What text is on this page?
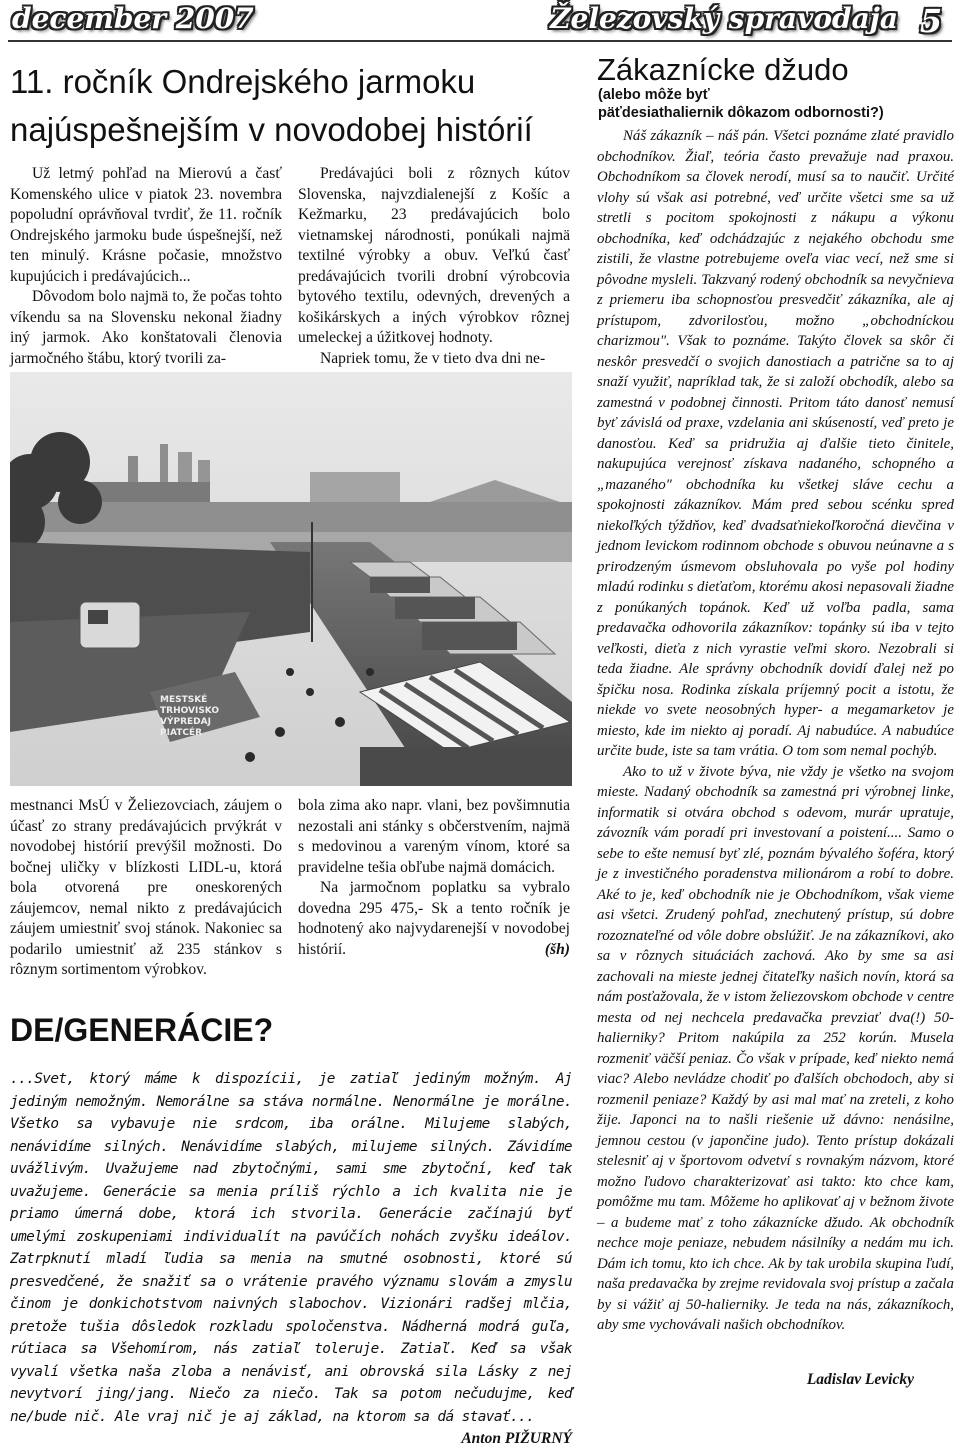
december 2007	Železovský spravodaja 5
11. ročník Ondrejského jarmoku
najúspešnejším v novodobej histórií

Už letmý pohľad na Mierovú a časť Komenského ulice v piatok 23. novembra popoludní oprávňoval tvrdiť, že 11. ročník Ondrejského jarmoku bude úspešnejší, než ten minulý. Krásne počasie, množstvo kupujúcich i predávajúcich...

Dôvodom bolo najmä to, že počas tohto víkendu sa na Slovensku nekonal žiadny iný jarmok. Ako konštatovali členovia jarmočného štábu, ktorý tvorili za-

Predávajúci boli z rôznych kútov Slovenska, najvzdialenejší z Košíc a Kežmarku, 23 predávajúcich bolo vietnamskej národnosti, ponúkali najmä textilné výrobky a obuv. Veľkú časť predávajúcich tvorili drobní výrobcovia bytového textilu, odevných, drevených a košikárskych a iných výrobkov rôznej umeleckej a úžitkovej hodnoty.

Napriek tomu, že v tieto dva dni ne-

MESTSKÉ
TRHOVISKO
VÝPREDAJ
PIATCÉR

mestnanci MsÚ v Želiezovciach, záujem o účasť zo strany predávajúcich prvýkrát v novodobej histórií prevýšil možnosti. Do bočnej uličky v blízkosti LIDL-u, ktorá bola otvorená pre oneskorených záujemcov, nemal nikto z predávajúcich záujem umiestniť svoj stánok. Nakoniec sa podarilo umiestniť až 235 stánkov s rôznym sortimentom výrobkov.

bola zima ako napr. vlani, bez povšimnutia nezostali ani stánky s občerstvením, najmä s medovinou a vareným vínom, ktoré sa pravidelne tešia obľube najmä domácich.

Na jarmočnom poplatku sa vybralo dovedna 295 475,- Sk a tento ročník je hodnotený ako najvydarenejší v novodobej histórií.	(šh)

DE/GENERÁCIE?
...Svet, ktorý máme k dispozícii, je zatiaľ jediným možným. Aj jediným nemožným. Nemorálne sa stáva normálne. Nenormálne je morálne. Všetko sa vybavuje nie srdcom, iba orálne. Milujeme slabých, nenávidíme silných. Nenávidíme slabých, milujeme silných. Závidíme uvážlivým. Uvažujeme nad zbytočnými, sami sme zbytoční, keď tak uvažujeme. Generácie sa menia príliš rýchlo a ich kvalita nie je priamo úmerná dobe, ktorá ich stvorila. Generácie začínajú byť umelými zoskupeniami individualít na pavúčích nohách zvyšku ideálov. Zatrpknutí mladí ľudia sa menia na smutné osobnosti, ktoré sú presvedčené, že snažiť sa o vrátenie pravého významu slovám a zmyslu činom je donkichotstvom naivných slabochov. Vizionári radšej mlčia, pretože tušia dôsledok rozkladu spoločenstva. Nádherná modrá guľa, rútiaca sa Všehomírom, nás zatiaľ toleruje. Zatiaľ. Keď sa však vyvalí všetka naša zloba a nenávisť, ani obrovská sila Lásky z nej nevytvorí jing/jang. Niečo za niečo. Tak sa potom nečudujme, keď ne/bude nič. Ale vraj nič je aj základ, na ktorom sa dá stavať...
Anton PIŽURNÝ
Zákaznícke džudo
(alebo môže byť
päťdesiathaliernik dôkazom odbornosti?)

Náš zákazník – náš pán. Všetci poznáme zlaté pravidlo obchodníkov. Žiaľ, teória často prevažuje nad praxou. Obchodníkom sa človek nerodí, musí sa to naučiť. Určité vlohy sú však asi potrebné, veď určite všetci sme sa už stretli s pocitom spokojnosti z nákupu a výkonu obchodníka, keď odchádzajúc z nejakého obchodu sme zistili, že vlastne potrebujeme oveľa viac vecí, než sme si pôvodne mysleli. Takzvaný rodený obchodník sa nevyčnieva z priemeru iba schopnosťou presvedčiť zákazníka, ale aj prístupom, zdvorilosťou, možno „obchodníckou charizmou". Však to poznáme. Takýto človek sa skôr či neskôr presvedčí o svojich danostiach a patrične sa to aj snaží využiť, napríklad tak, že si založí obchodík, alebo sa zamestná v podobnej činnosti. Pritom táto danosť nemusí byť závislá od praxe, vzdelania ani skúseností, veď preto je danosťou. Keď sa pridružia aj ďalšie tieto činitele, nakupujúca verejnosť získava nadaného, schopného a „mazaného" obchodníka ku všetkej sláve cechu a spokojnosti zákazníkov. Mám pred sebou scénku spred niekoľkých týždňov, keď dvadsaťniekoľkoročná dievčina v jednom levickom rodinnom obchode s obuvou neúnavne a s prirodzeným úsmevom obsluhovala po vyše pol hodiny mladú rodinku s dieťaťom, ktorému akosi nepasovali žiadne z ponúkaných topánok. Keď už voľba padla, sama predavačka odhovorila zákazníkov: topánky sú iba v tejto veľkosti, dieťa z nich vyrastie veľmi skoro. Nezobrali si teda žiadne. Ale správny obchodník dovidí ďalej než po špičku nosa. Rodinka získala príjemný pocit a istotu, že niekde vo svete neosobných hyper- a megamarketov je miesto, kde im niekto aj poradí. Aj nabudúce. A nabudúce určite bude, iste sa tam vrátia. O tom som nemal pochýb.

Ako to už v živote býva, nie vždy je všetko na svojom mieste. Nadaný obchodník sa zamestná pri výrobnej linke, informatik si otvára obchod s odevom, murár upratuje, závozník vám poradí pri investovaní a poistení.... Samo o sebe to ešte nemusí byť zlé, poznám bývalého šoféra, ktorý je z investičného poradenstva milionárom a robí to dobre. Aké to je, keď obchodník nie je Obchodníkom, však vieme asi všetci. Zrudený pohľad, znechutený prístup, sú dobre rozoznateľné od vôle dobre obslúžiť. Je na zákazníkovi, ako sa v rôznych situáciách zachová. Ako by sme sa asi zachovali na mieste jednej čitateľky našich novín, ktorá sa nám posťažovala, že v istom želiezovskom obchode v centre mesta od nej nechcela predavačka prevziať dva(!) 50-halierniky? Pritom nakúpila za 252 korún. Musela rozmeniť väčší peniaz. Čo však v prípade, keď niekto nemá viac? Alebo nevládze chodiť po ďalších obchodoch, aby si rozmenil peniaze? Každý by asi mal mať na zreteli, z koho žije. Japonci na to našli riešenie už dávno: nenásilne, jemnou cestou (v japončine judo). Tento prístup dokázali stelesniť aj v športovom odvetví s rovnakým názvom, ktoré možno ľudovo charakterizovať asi takto: kto chce kam, pomôžme mu tam. Môžeme ho aplikovať aj v bežnom živote – a budeme mať z toho zákaznícke džudo. Ak obchodník nechce moje peniaze, nebudem násilníky a nedám mu ich. Dám ich tomu, kto ich chce. Ak by tak urobila skupina ľudí, naša predavačka by zrejme revidovala svoj prístup a začala by si vážiť aj 50-halierniky. Je teda na nás, zákazníkoch, aby sme vychovávali našich obchodníkov.

Ladislav Levicky
